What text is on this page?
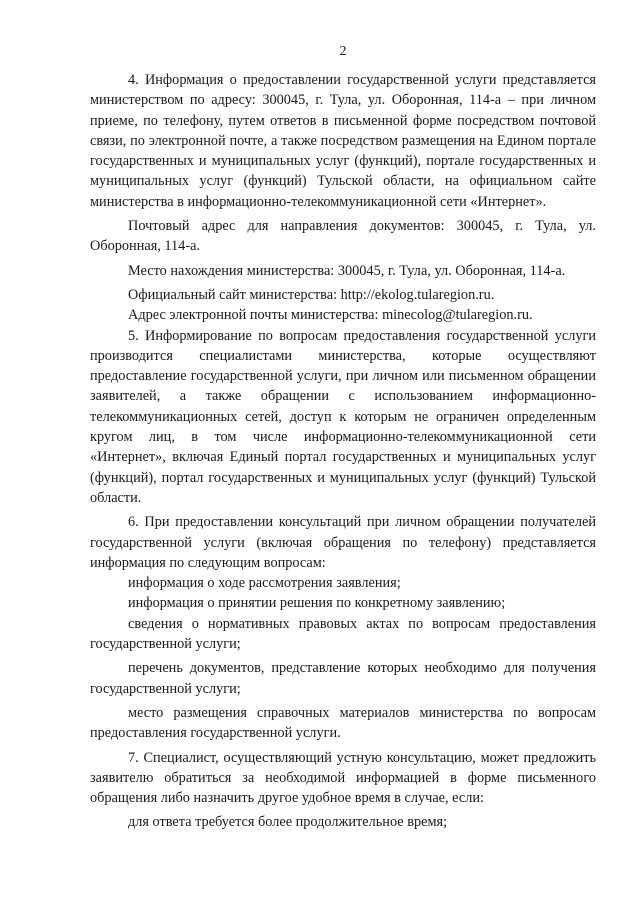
2

4. Информация о предоставлении государственной услуги представляется министерством по адресу: 300045, г. Тула, ул. Оборонная, 114-а – при личном приеме, по телефону, путем ответов в письменной форме посредством почтовой связи, по электронной почте, а также посредством размещения на Едином портале государственных и муниципальных услуг (функций), портале государственных и муниципальных услуг (функций) Тульской области, на официальном сайте министерства в информационно-телекоммуникационной сети «Интернет».

Почтовый адрес для направления документов: 300045, г. Тула, ул. Оборонная, 114-а.

Место нахождения министерства: 300045, г. Тула, ул. Оборонная, 114-а.

Официальный сайт министерства: http://ekolog.tularegion.ru.

Адрес электронной почты министерства: minecolog@tularegion.ru.

5. Информирование по вопросам предоставления государственной услуги производится специалистами министерства, которые осуществляют предоставление государственной услуги, при личном или письменном обращении заявителей, а также обращении с использованием информационно-телекоммуникационных сетей, доступ к которым не ограничен определенным кругом лиц, в том числе информационно-телекоммуникационной сети «Интернет», включая Единый портал государственных и муниципальных услуг (функций), портал государственных и муниципальных услуг (функций) Тульской области.

6. При предоставлении консультаций при личном обращении получателей государственной услуги (включая обращения по телефону) представляется информация по следующим вопросам:

информация о ходе рассмотрения заявления;

информация о принятии решения по конкретному заявлению;

сведения о нормативных правовых актах по вопросам предоставления государственной услуги;

перечень документов, представление которых необходимо для получения государственной услуги;

место размещения справочных материалов министерства по вопросам предоставления государственной услуги.

7. Специалист, осуществляющий устную консультацию, может предложить заявителю обратиться за необходимой информацией в форме письменного обращения либо назначить другое удобное время в случае, если:

для ответа требуется более продолжительное время;
